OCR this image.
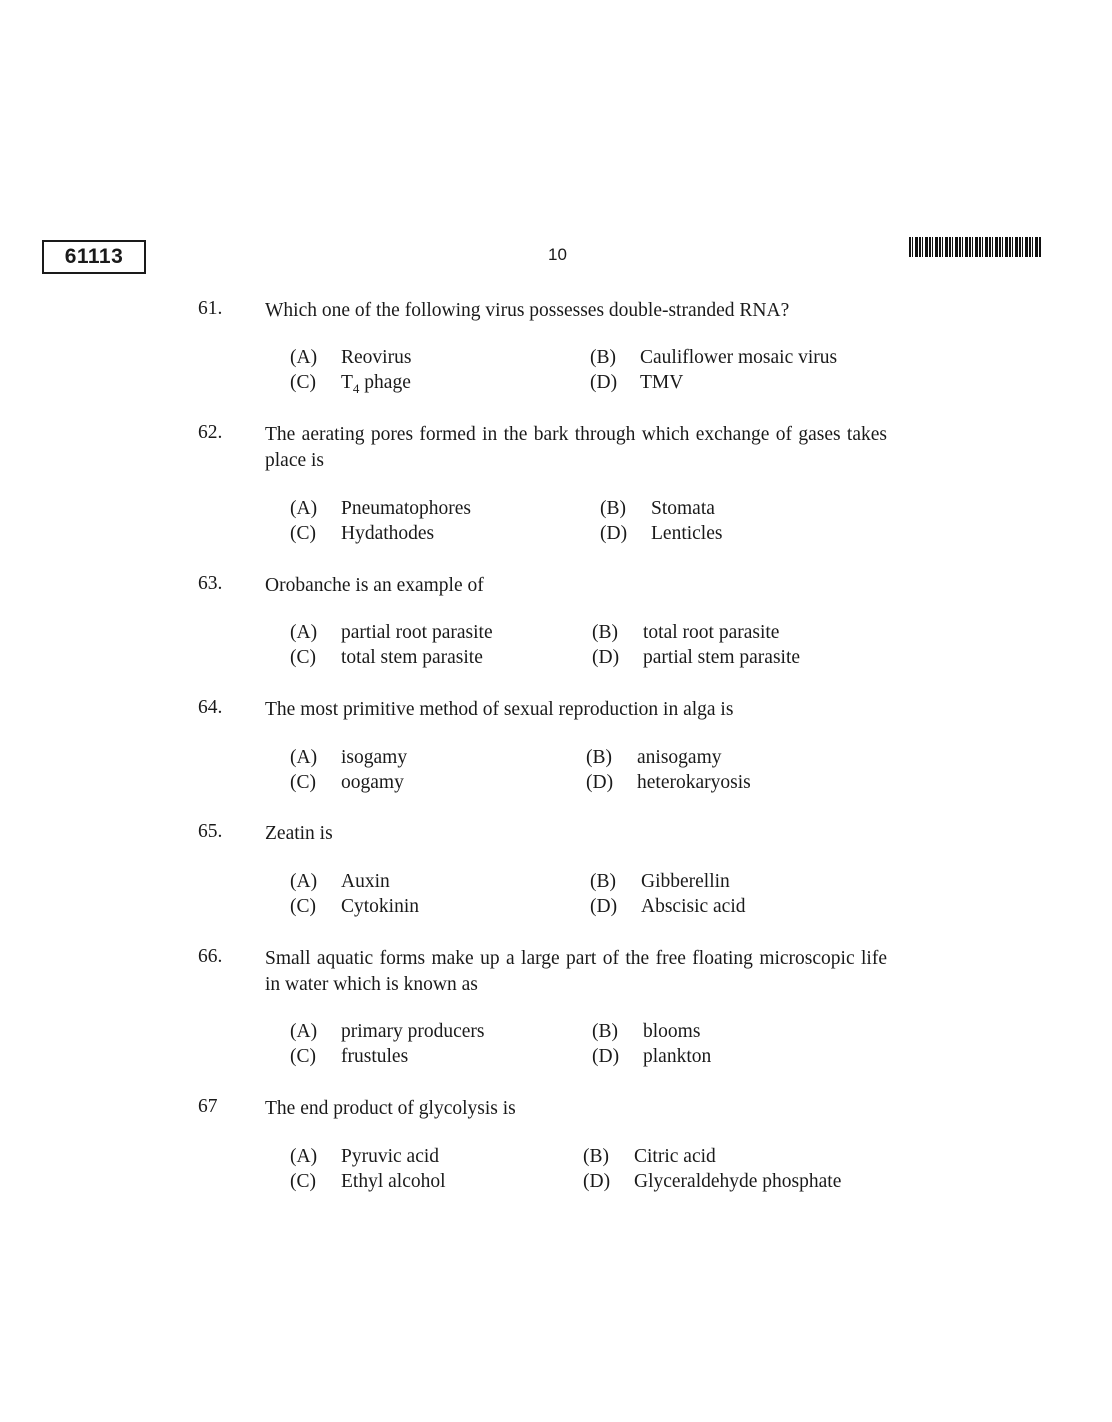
61113	10
61. Which one of the following virus possesses double-stranded RNA?
(A) Reovirus	(B) Cauliflower mosaic virus
(C) $T_4$ phage	(D) TMV
62. The aerating pores formed in the bark through which exchange of gases takes place is
(A) Pneumatophores	(B) Stomata
(C) Hydathodes	(D) Lenticles
63. Orobanche is an example of
(A) partial root parasite	(B) total root parasite
(C) total stem parasite	(D) partial stem parasite
64. The most primitive method of sexual reproduction in alga is
(A) isogamy	(B) anisogamy
(C) oogamy	(D) heterokaryosis
65. Zeatin is
(A) Auxin	(B) Gibberellin
(C) Cytokinin	(D) Abscisic acid
66. Small aquatic forms make up a large part of the free floating microscopic life in water which is known as
(A) primary producers	(B) blooms
(C) frustules	(D) plankton
67 The end product of glycolysis is
(A) Pyruvic acid	(B) Citric acid
(C) Ethyl alcohol	(D) Glyceraldehyde phosphate
